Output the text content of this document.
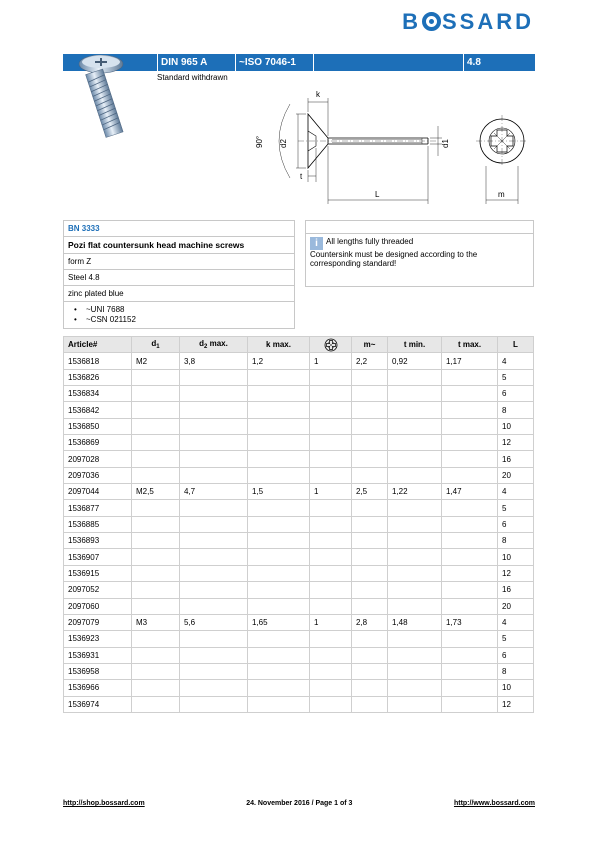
B SSARD
DIN 965 A	~ISO 7046-1	4.8
Standard withdrawn
k
90° d2	d1
t
L	m
BN 3333
Pozi flat countersunk head machine screws
form Z
Steel 4.8
zinc plated blue
• ~UNI 7688
• ~CSN 021152
i All lengths fully threaded
Countersink must be designed according to the corresponding standard!
Article#	$d_1$	$d_2$ max.	k max.		m~	t min.	t max.	L
1536818	M2	3,8	1,2	1	2,2	0,92	1,17	4
1536826								5
1536834								6
1536842								8
1536850								10
1536869								12
2097028								16
2097036								20
2097044	M2,5	4,7	1,5	1	2,5	1,22	1,47	4
1536877								5
1536885								6
1536893								8
1536907								10
1536915								12
2097052								16
2097060								20
2097079	M3	5,6	1,65	1	2,8	1,48	1,73	4
1536923								5
1536931								6
1536958								8
1536966								10
1536974								12
http://shop.bossard.com	24. November 2016 / Page 1 of 3	http://www.bossard.com
